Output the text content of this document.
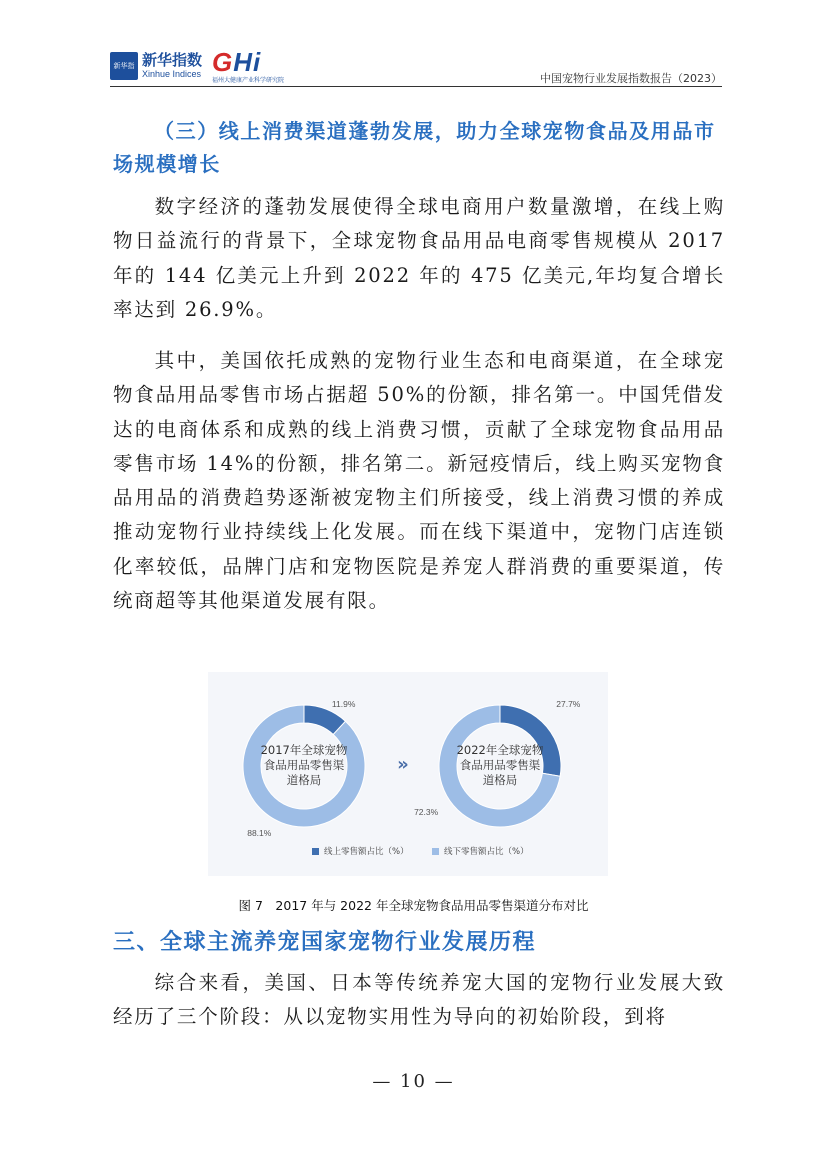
新华指 新华指数
Xinhue Indices GHi
福州大健康产业科学研究院	中国宠物行业发展指数报告（2023）
（三）线上消费渠道蓬勃发展，助力全球宠物食品及用品市场规模增长
数字经济的蓬勃发展使得全球电商用户数量激增，在线上购物日益流行的背景下，全球宠物食品用品电商零售规模从 2017 年的 144 亿美元上升到 2022 年的 475 亿美元,年均复合增长率达到 26.9%。
其中，美国依托成熟的宠物行业生态和电商渠道，在全球宠物食品用品零售市场占据超 50%的份额，排名第一。中国凭借发达的电商体系和成熟的线上消费习惯，贡献了全球宠物食品用品零售市场 14%的份额，排名第二。新冠疫情后，线上购买宠物食品用品的消费趋势逐渐被宠物主们所接受，线上消费习惯的养成推动宠物行业持续线上化发展。而在线下渠道中，宠物门店连锁化率较低，品牌门店和宠物医院是养宠人群消费的重要渠道，传统商超等其他渠道发展有限。
11.9%
88.1%
2017年全球宠物
食品用品零售渠
道格局
27.7%
72.3%
2022年全球宠物
食品用品零售渠
道格局
»
线上零售额占比（%）	线下零售额占比（%）
图 7　2017 年与 2022 年全球宠物食品用品零售渠道分布对比
三、全球主流养宠国家宠物行业发展历程
综合来看，美国、日本等传统养宠大国的宠物行业发展大致经历了三个阶段：从以宠物实用性为导向的初始阶段，到将
— 10 —
